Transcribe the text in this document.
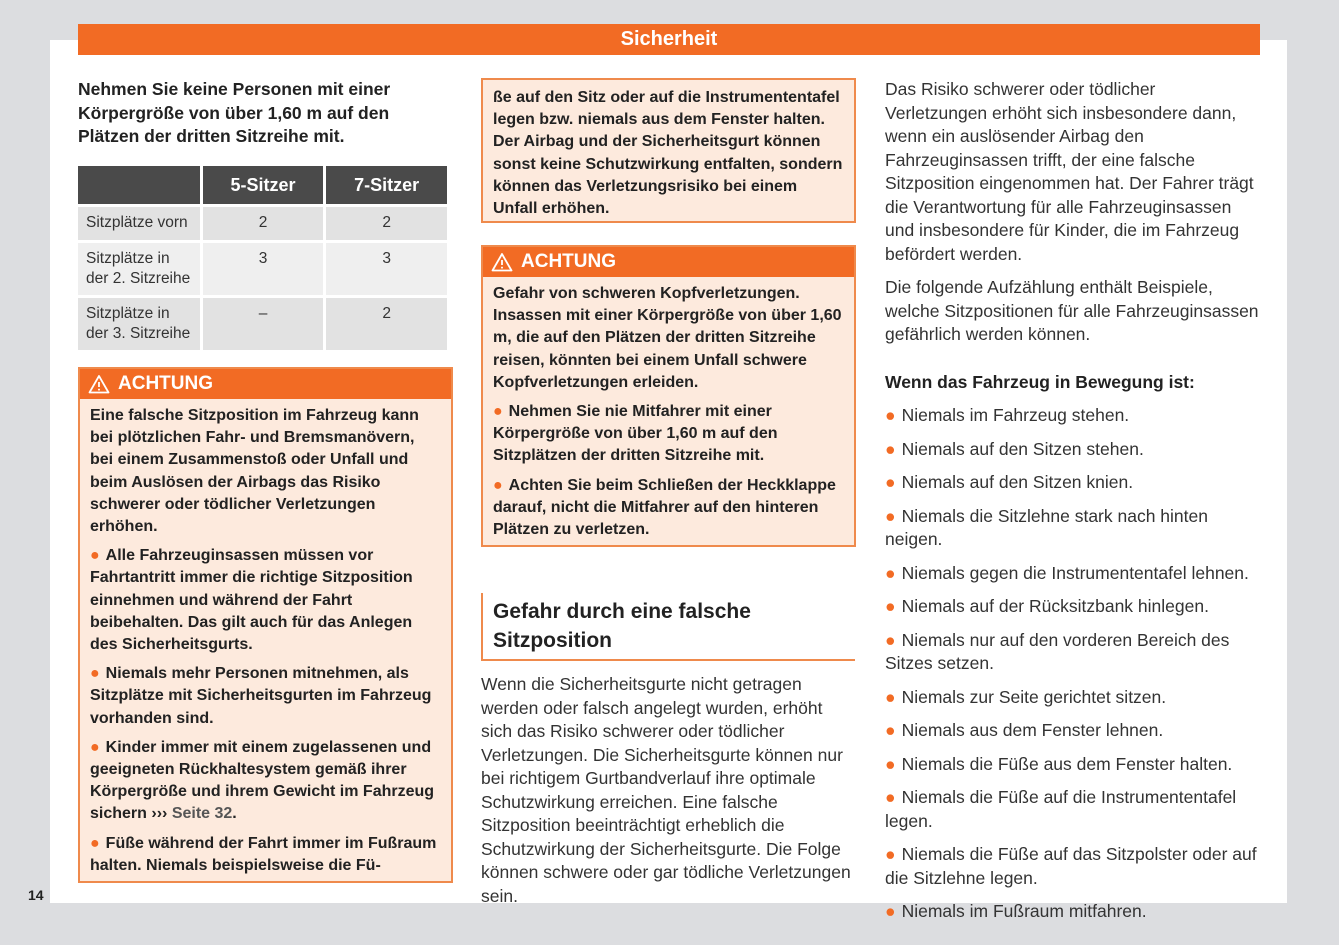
Sicherheit
14
Nehmen Sie keine Personen mit einer Körpergröße von über 1,60 m auf den Plätzen der dritten Sitzreihe mit.
	5-Sitzer	7-Sitzer
Sitzplätze vorn	2	2
Sitzplätze in der 2. Sitzreihe	3	3
Sitzplätze in der 3. Sitzreihe	–	2
ACHTUNG

Eine falsche Sitzposition im Fahrzeug kann bei plötzlichen Fahr- und Bremsmanövern, bei einem Zusammenstoß oder Unfall und beim Auslösen der Airbags das Risiko schwerer oder tödlicher Verletzungen erhöhen.

● Alle Fahrzeuginsassen müssen vor Fahrtantritt immer die richtige Sitzposition einnehmen und während der Fahrt beibehalten. Das gilt auch für das Anlegen des Sicherheitsgurts.

● Niemals mehr Personen mitnehmen, als Sitzplätze mit Sicherheitsgurten im Fahrzeug vorhanden sind.

● Kinder immer mit einem zugelassenen und geeigneten Rückhaltesystem gemäß ihrer Körpergröße und ihrem Gewicht im Fahrzeug sichern ››› Seite 32.

● Füße während der Fahrt immer im Fußraum halten. Niemals beispielsweise die Fü-

ße auf den Sitz oder auf die Instrumententafel legen bzw. niemals aus dem Fenster halten. Der Airbag und der Sicherheitsgurt können sonst keine Schutzwirkung entfalten, sondern können das Verletzungsrisiko bei einem Unfall erhöhen.

ACHTUNG

Gefahr von schweren Kopfverletzungen. Insassen mit einer Körpergröße von über 1,60 m, die auf den Plätzen der dritten Sitzreihe reisen, könnten bei einem Unfall schwere Kopfverletzungen erleiden.

● Nehmen Sie nie Mitfahrer mit einer Körpergröße von über 1,60 m auf den Sitzplätzen der dritten Sitzreihe mit.

● Achten Sie beim Schließen der Heckklappe darauf, nicht die Mitfahrer auf den hinteren Plätzen zu verletzen.

Gefahr durch eine falsche Sitzposition

Wenn die Sicherheitsgurte nicht getragen werden oder falsch angelegt wurden, erhöht sich das Risiko schwerer oder tödlicher Verletzungen. Die Sicherheitsgurte können nur bei richtigem Gurtbandverlauf ihre optimale Schutzwirkung erreichen. Eine falsche Sitzposition beeinträchtigt erheblich die Schutzwirkung der Sicherheitsgurte. Die Folge können schwere oder gar tödliche Verletzungen sein.

Das Risiko schwerer oder tödlicher Verletzungen erhöht sich insbesondere dann, wenn ein auslösender Airbag den Fahrzeuginsassen trifft, der eine falsche Sitzposition eingenommen hat. Der Fahrer trägt die Verantwortung für alle Fahrzeuginsassen und insbesondere für Kinder, die im Fahrzeug befördert werden.

Die folgende Aufzählung enthält Beispiele, welche Sitzpositionen für alle Fahrzeuginsassen gefährlich werden können.

Wenn das Fahrzeug in Bewegung ist:

● Niemals im Fahrzeug stehen.

● Niemals auf den Sitzen stehen.

● Niemals auf den Sitzen knien.

● Niemals die Sitzlehne stark nach hinten neigen.

● Niemals gegen die Instrumententafel lehnen.

● Niemals auf der Rücksitzbank hinlegen.

● Niemals nur auf den vorderen Bereich des Sitzes setzen.

● Niemals zur Seite gerichtet sitzen.

● Niemals aus dem Fenster lehnen.

● Niemals die Füße aus dem Fenster halten.

● Niemals die Füße auf die Instrumententafel legen.

● Niemals die Füße auf das Sitzpolster oder auf die Sitzlehne legen.

● Niemals im Fußraum mitfahren.
